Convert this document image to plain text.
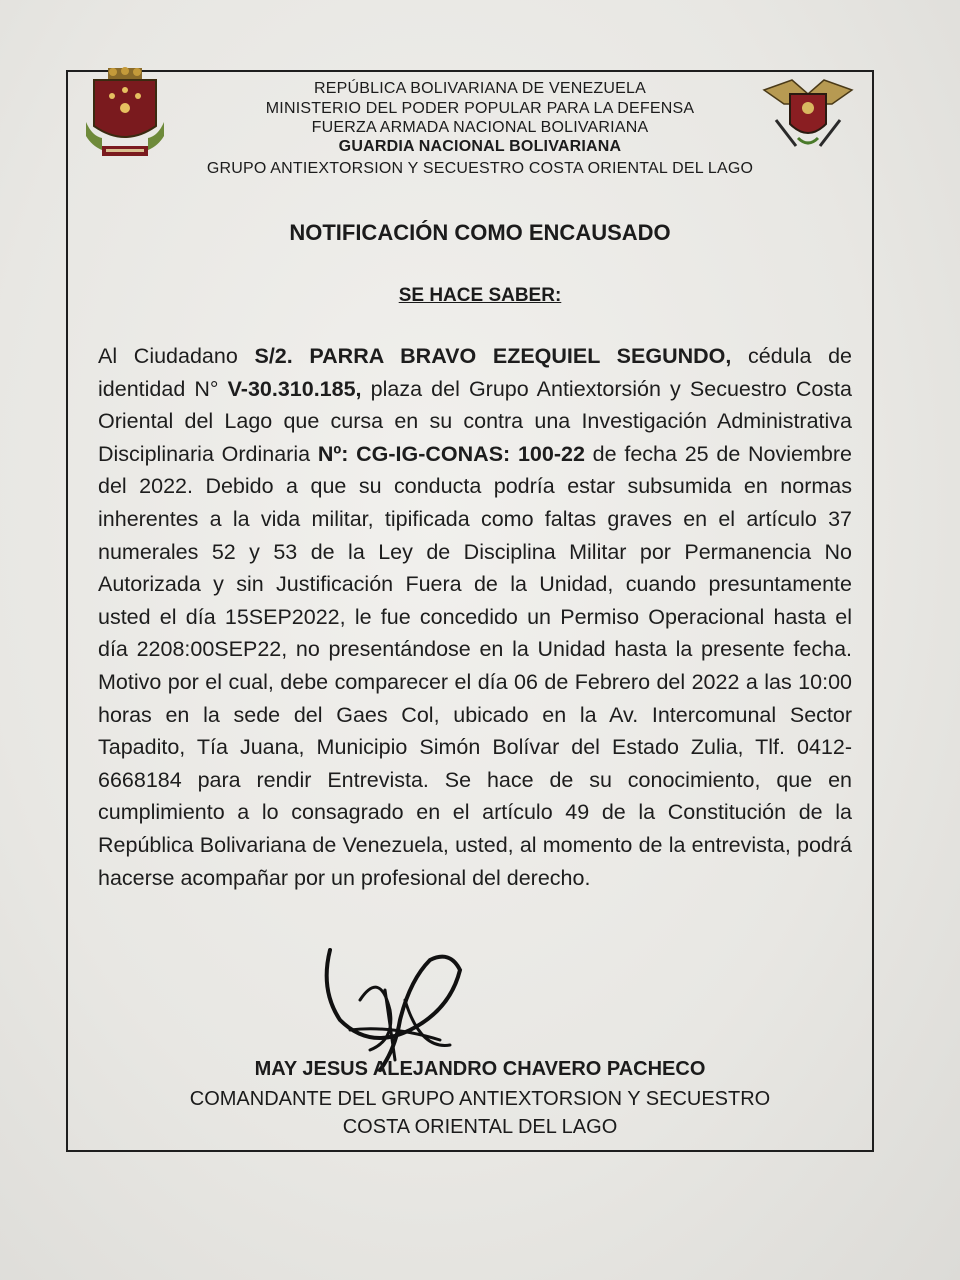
REPÚBLICA BOLIVARIANA DE VENEZUELA
MINISTERIO DEL PODER POPULAR PARA LA DEFENSA
FUERZA ARMADA NACIONAL BOLIVARIANA
GUARDIA NACIONAL BOLIVARIANA
GRUPO ANTIEXTORSION Y SECUESTRO COSTA ORIENTAL DEL LAGO
NOTIFICACIÓN COMO ENCAUSADO
SE HACE SABER:
Al Ciudadano S/2. PARRA BRAVO EZEQUIEL SEGUNDO, cédula de identidad N° V-30.310.185, plaza del Grupo Antiextorsión y Secuestro Costa Oriental del Lago que cursa en su contra una Investigación Administrativa Disciplinaria Ordinaria Nº: CG-IG-CONAS: 100-22 de fecha 25 de Noviembre del 2022. Debido a que su conducta podría estar subsumida en normas inherentes a la vida militar, tipificada como faltas graves en el artículo 37 numerales 52 y 53 de la Ley de Disciplina Militar por Permanencia No Autorizada y sin Justificación Fuera de la Unidad, cuando presuntamente usted el día 15SEP2022, le fue concedido un Permiso Operacional hasta el día 2208:00SEP22, no presentándose en la Unidad hasta la presente fecha. Motivo por el cual, debe comparecer el día 06 de Febrero del 2022 a las 10:00 horas en la sede del Gaes Col, ubicado en la Av. Intercomunal Sector Tapadito, Tía Juana, Municipio Simón Bolívar del Estado Zulia, Tlf. 0412-6668184 para rendir Entrevista. Se hace de su conocimiento, que en cumplimiento a lo consagrado en el artículo 49 de la Constitución de la República Bolivariana de Venezuela, usted, al momento de la entrevista, podrá hacerse acompañar por un profesional del derecho.
MAY JESUS ALEJANDRO CHAVERO PACHECO
COMANDANTE DEL GRUPO ANTIEXTORSION Y SECUESTRO
COSTA ORIENTAL DEL LAGO
